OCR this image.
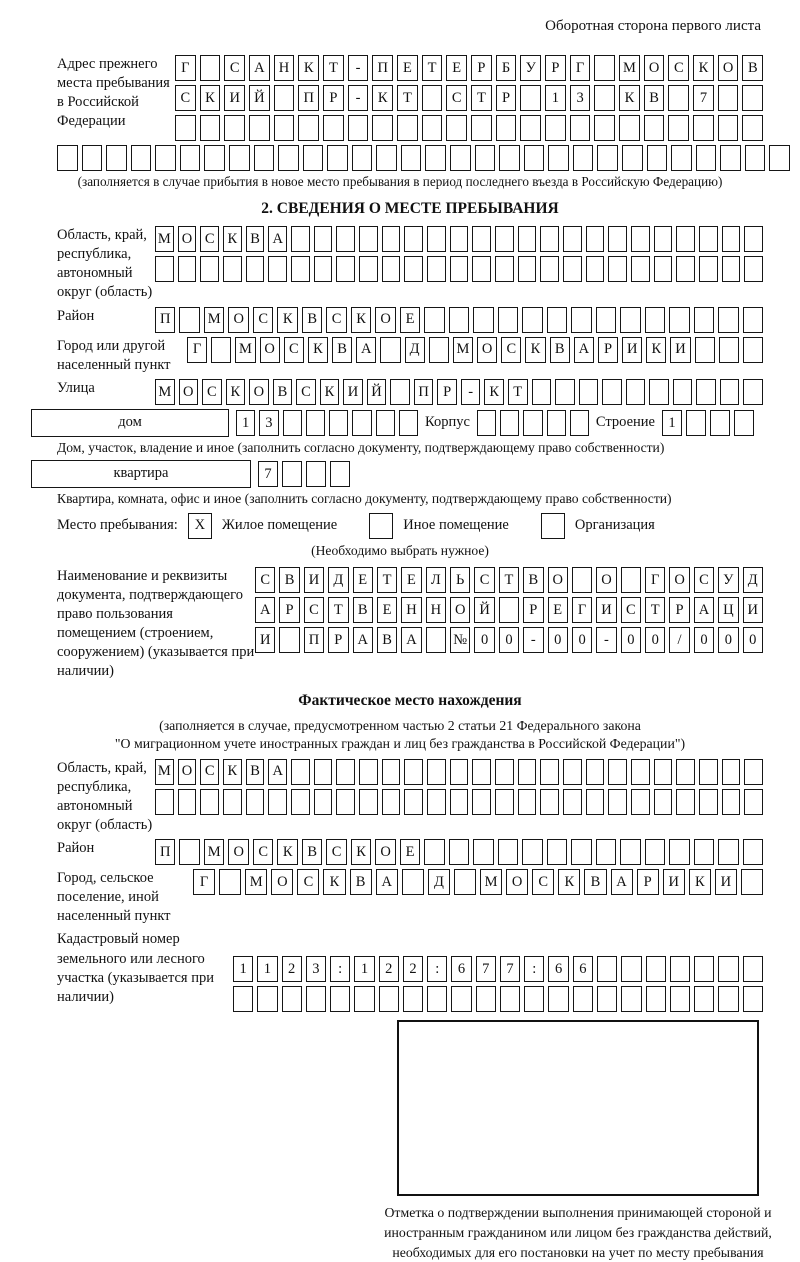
Оборотная сторона первого листа
Адрес прежнего места пребывания в Российской Федерации
Г	С	А Н	К	Т	-	П	Е	Т	Е	Р	Б	У	Р	Г	М О	С	К	О	В
С	К	И Й	П	Р	-	К	Т	С	Т	Р	1	3	К	В	7
(заполняется в случае прибытия в новое место пребывания в период последнего въезда в Российскую Федерацию)
2. СВЕДЕНИЯ О МЕСТЕ ПРЕБЫВАНИЯ
Область, край, республика, автономный округ (область)
М О С К В А
Район	П	М О С	К	В	С	К О	Е
Город или другой населенный пункт
Г	М О С	К	В А	Д	М О С	К	В А	Р	И К И
Улица	М О С К О В С К И Й	П Р	-	К Т
дом	1	3	Корпус	Строение 1
Дом, участок, владение и иное (заполнить согласно документу, подтверждающему право собственности)
квартира	7
Квартира, комната, офис и иное (заполнить согласно документу, подтверждающему право собственности)
Место пребывания:	X	Жилое помещение	Иное помещение	Организация
(Необходимо выбрать нужное)
Наименование и реквизиты документа, подтверждающего право пользования помещением (строением, сооружением) (указывается при наличии)
С	В И Д	Е	Т	Е	Л	Ь	С	Т	В О	О	Г	О С У Д
А	Р	С	Т	В	Е	Н Н О Й	Р	Е	Г	И С	Т	Р	А Ц И
И	П	Р	А В А	№ 0	0	-	0	0	-	0	0	/	0	0	0
Фактическое место нахождения
(заполняется в случае, предусмотренном частью 2 статьи 21 Федерального закона
"О миграционном учете иностранных граждан и лиц без гражданства в Российской Федерации")
Область, край, республика, автономный округ (область)
М О С К В А
Район	П	М О С	К	В	С	К О	Е
Город, сельское поселение, иной населенный пункт
Г	М О	С	К	В	А	Д	М О	С	К	В	А	Р	И	К	И
Кадастровый номер земельного или лесного участка (указывается при наличии)
1	1	2	3	:	1	2	2	:	6	7	7	:	6	6
Отметка о подтверждении выполнения принимающей стороной и иностранным гражданином или лицом без гражданства действий, необходимых для его постановки на учет по месту пребывания
